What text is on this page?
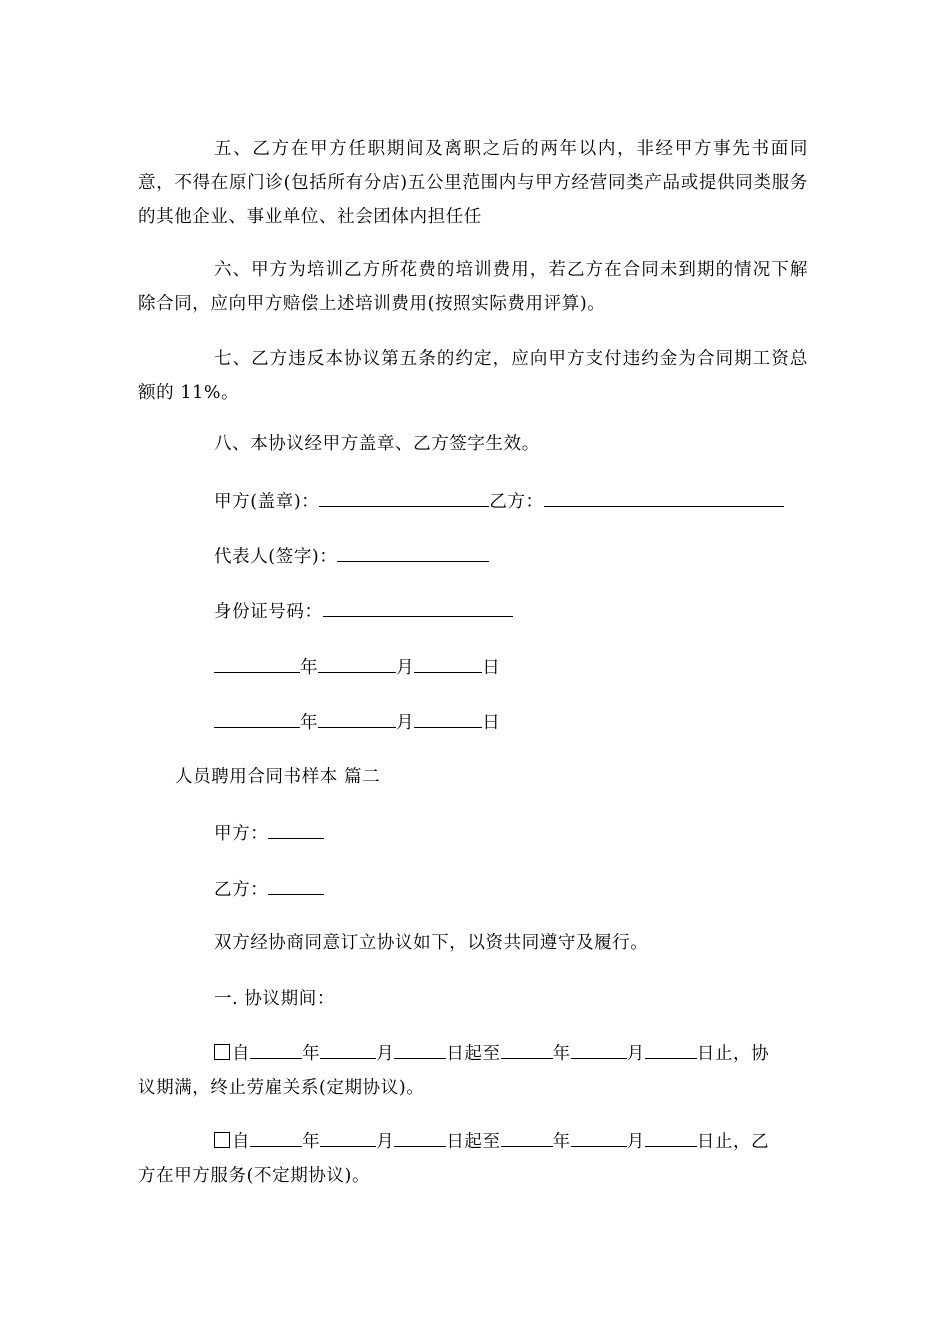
五、乙方在甲方任职期间及离职之后的两年以内，非经甲方事先书面同意，不得在原门诊(包括所有分店)五公里范围内与甲方经营同类产品或提供同类服务的其他企业、事业单位、社会团体内担任任
六、甲方为培训乙方所花费的培训费用，若乙方在合同未到期的情况下解除合同，应向甲方赔偿上述培训费用(按照实际费用评算)。
七、乙方违反本协议第五条的约定，应向甲方支付违约金为合同期工资总额的 11%。
八、本协议经甲方盖章、乙方签字生效。
甲方(盖章)：	乙方：
代表人(签字)：
身份证号码：
年	月	日
年	月	日
人员聘用合同书样本 篇二
甲方：
乙方：
双方经协商同意订立协议如下，以资共同遵守及履行。
一. 协议期间：
自	年	月	日起至	年	月	日止，协
议期满，终止劳雇关系(定期协议)。
自	年	月	日起至	年	月	日止，乙
方在甲方服务(不定期协议)。
